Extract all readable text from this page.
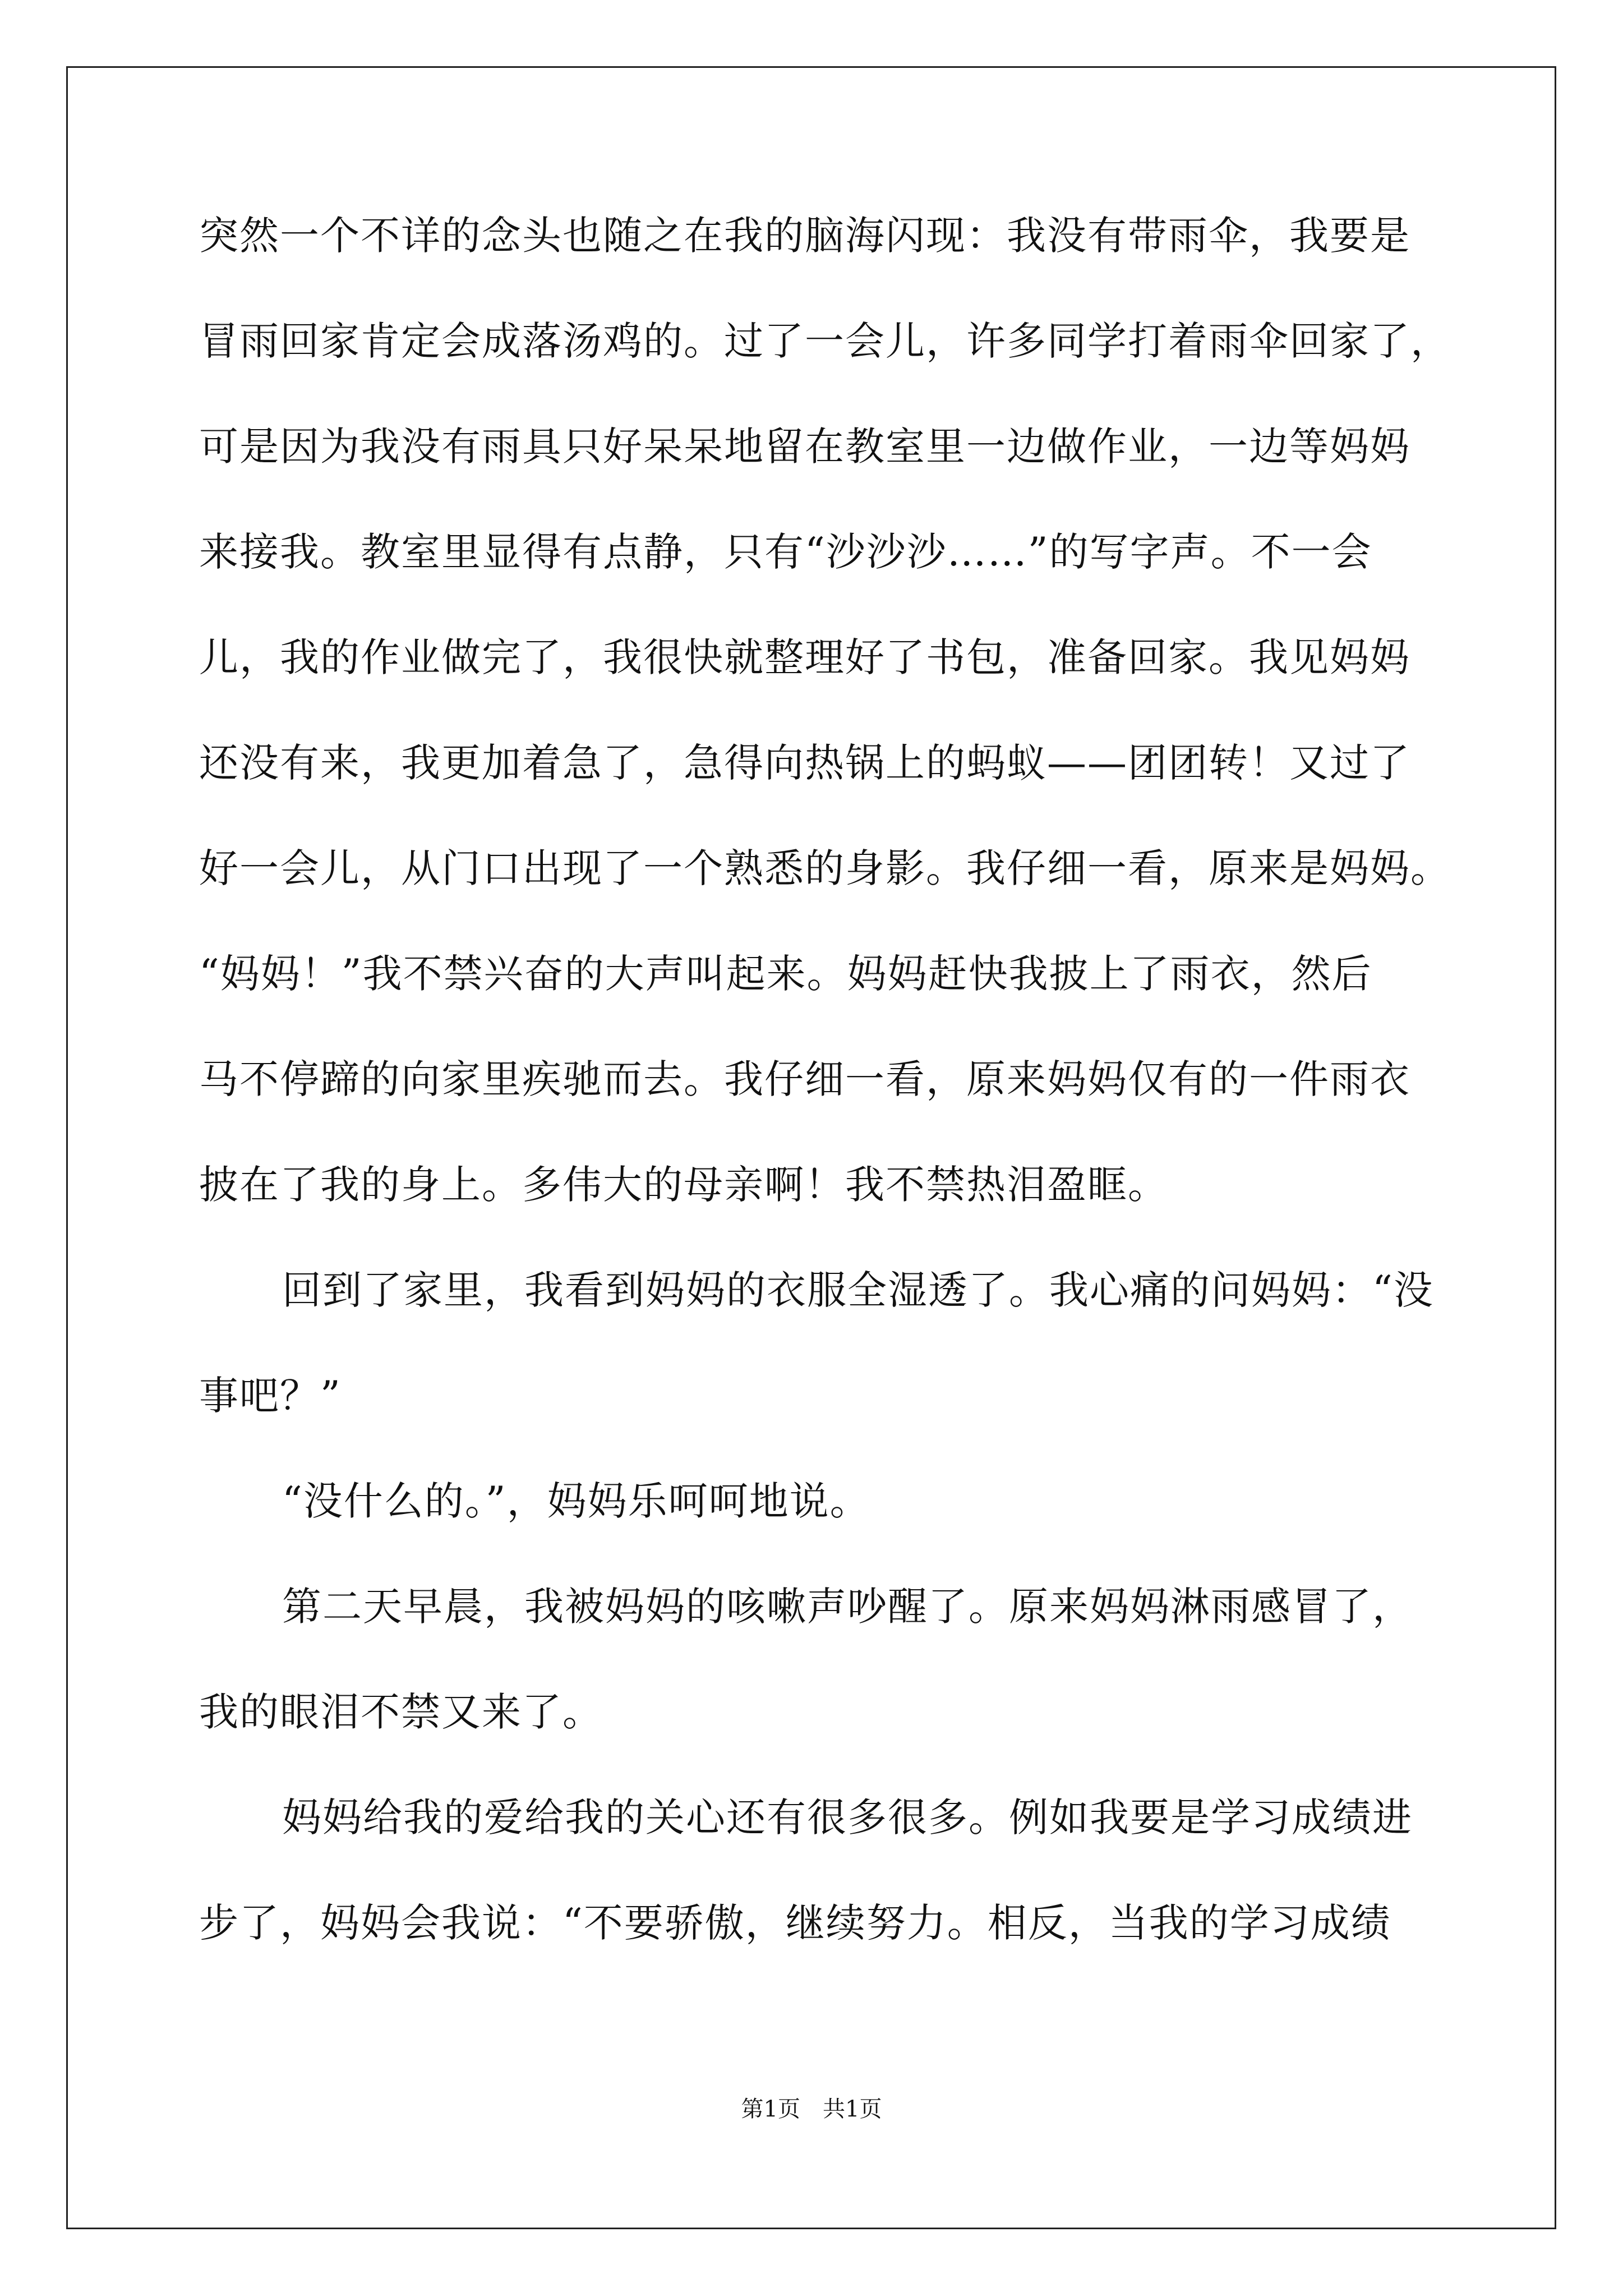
突然一个不详的念头也随之在我的脑海闪现：我没有带雨伞，我要是
冒雨回家肯定会成落汤鸡的。过了一会儿，许多同学打着雨伞回家了，
可是因为我没有雨具只好呆呆地留在教室里一边做作业，一边等妈妈
来接我。教室里显得有点静，只有“沙沙沙……”的写字声。不一会
儿，我的作业做完了，我很快就整理好了书包，准备回家。我见妈妈
还没有来，我更加着急了，急得向热锅上的蚂蚁——团团转！又过了
好一会儿，从门口出现了一个熟悉的身影。我仔细一看，原来是妈妈。
“妈妈！”我不禁兴奋的大声叫起来。妈妈赶快我披上了雨衣，然后
马不停蹄的向家里疾驰而去。我仔细一看，原来妈妈仅有的一件雨衣
披在了我的身上。多伟大的母亲啊！我不禁热泪盈眶。
回到了家里，我看到妈妈的衣服全湿透了。我心痛的问妈妈：“没
事吧？”
“没什么的。”，妈妈乐呵呵地说。
第二天早晨，我被妈妈的咳嗽声吵醒了。原来妈妈淋雨感冒了，
我的眼泪不禁又来了。
妈妈给我的爱给我的关心还有很多很多。例如我要是学习成绩进
步了，妈妈会我说：“不要骄傲，继续努力。相反，当我的学习成绩
第1页　共1页
